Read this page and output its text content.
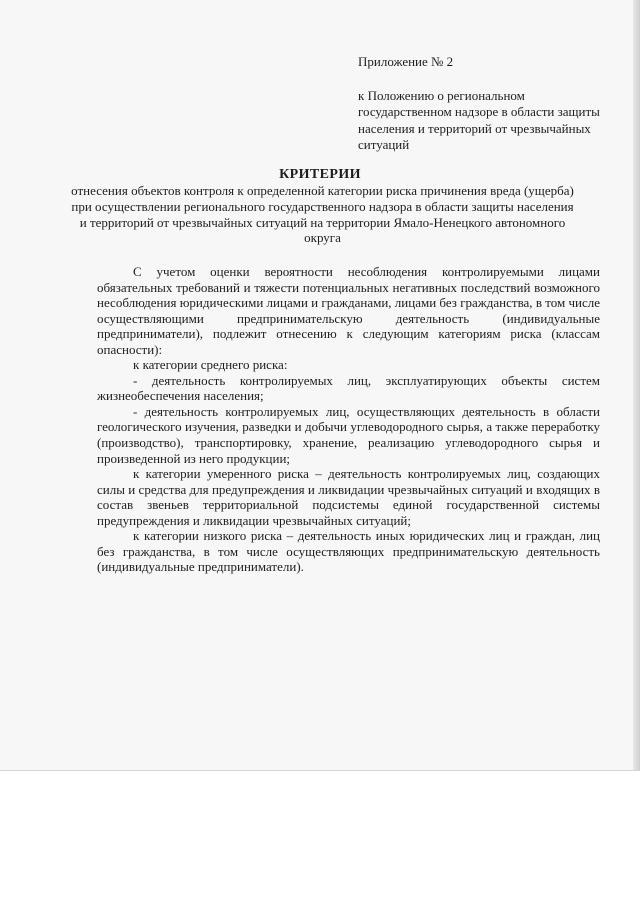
Приложение № 2
к Положению о региональном государственном надзоре в области защиты населения и территорий от чрезвычайных ситуаций
КРИТЕРИИ
отнесения объектов контроля к определенной категории риска причинения вреда (ущерба) при осуществлении регионального государственного надзора в области защиты населения и территорий от чрезвычайных ситуаций на территории Ямало-Ненецкого автономного округа

С учетом оценки вероятности несоблюдения контролируемыми лицами обязательных требований и тяжести потенциальных негативных последствий возможного несоблюдения юридическими лицами и гражданами, лицами без гражданства, в том числе осуществляющими предпринимательскую деятельность (индивидуальные предприниматели), подлежит отнесению к следующим категориям риска (классам опасности):

к категории среднего риска:

- деятельность контролируемых лиц, эксплуатирующих объекты систем жизнеобеспечения населения;

- деятельность контролируемых лиц, осуществляющих деятельность в области геологического изучения, разведки и добычи углеводородного сырья, а также переработку (производство), транспортировку, хранение, реализацию углеводородного сырья и произведенной из него продукции;

к категории умеренного риска – деятельность контролируемых лиц, создающих силы и средства для предупреждения и ликвидации чрезвычайных ситуаций и входящих в состав звеньев территориальной подсистемы единой государственной системы предупреждения и ликвидации чрезвычайных ситуаций;

к категории низкого риска – деятельность иных юридических лиц и граждан, лиц без гражданства, в том числе осуществляющих предпринимательскую деятельность (индивидуальные предприниматели).
